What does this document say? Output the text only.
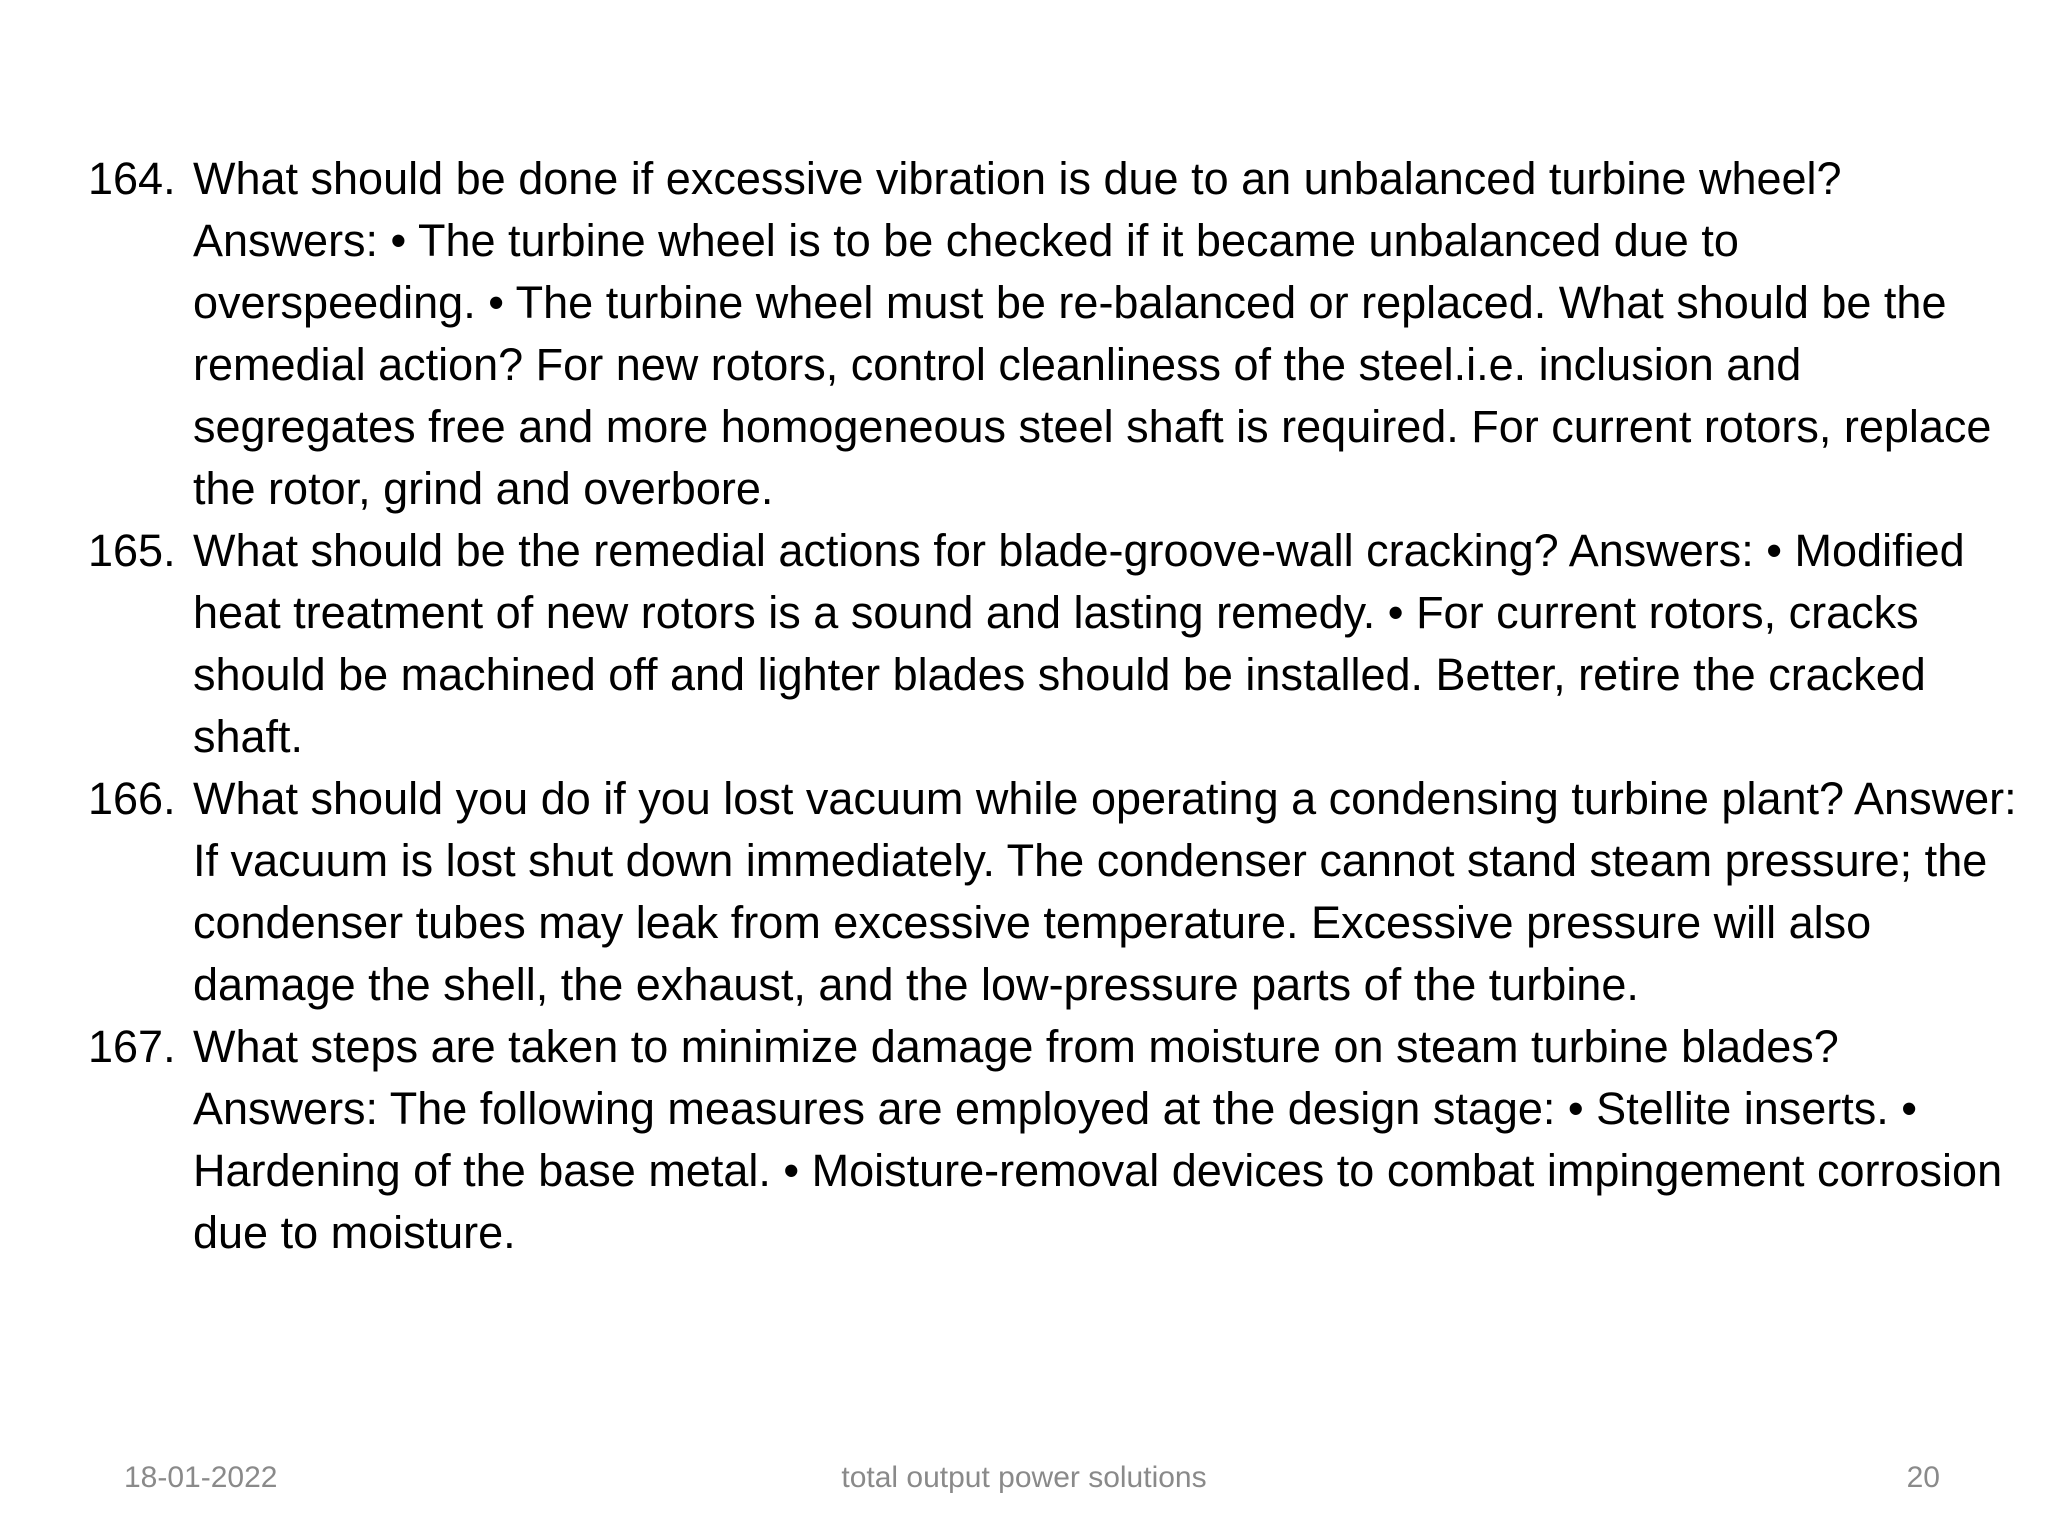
164. What should be done if excessive vibration is due to an unbalanced turbine wheel? Answers: • The turbine wheel is to be checked if it became unbalanced due to overspeeding. • The turbine wheel must be re-balanced or replaced. What should be the remedial action? For new rotors, control cleanliness of the steel.i.e. inclusion and segregates free and more homogeneous steel shaft is required. For current rotors, replace the rotor, grind and overbore.
165. What should be the remedial actions for blade-groove-wall cracking? Answers: • Modified heat treatment of new rotors is a sound and lasting remedy. • For current rotors, cracks should be machined off and lighter blades should be installed. Better, retire the cracked shaft.
166. What should you do if you lost vacuum while operating a condensing turbine plant? Answer: If vacuum is lost shut down immediately. The condenser cannot stand steam pressure; the condenser tubes may leak from excessive temperature. Excessive pressure will also damage the shell, the exhaust, and the low-pressure parts of the turbine.
167. What steps are taken to minimize damage from moisture on steam turbine blades? Answers: The following measures are employed at the design stage: • Stellite inserts. • Hardening of the base metal. • Moisture-removal devices to combat impingement corrosion due to moisture.
18-01-2022	total output power solutions	20
